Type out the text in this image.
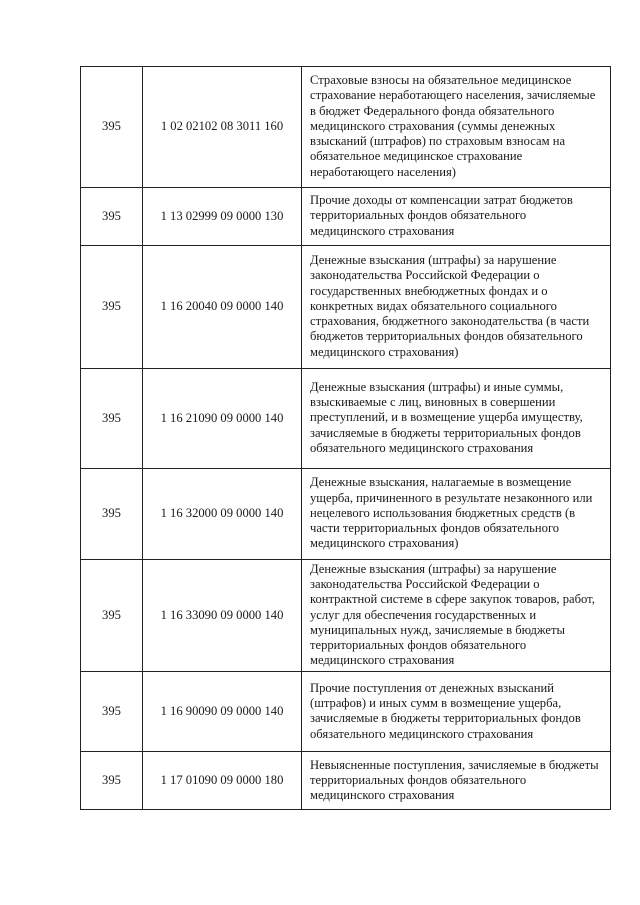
395	1 02 02102 08 3011 160	Страховые взносы на обязательное медицинское страхование неработающего населения, зачисляемые в бюджет Федерального фонда обязательного медицинского страхования (суммы денежных взысканий (штрафов) по страховым взносам на обязательное медицинское страхование неработающего населения)
395	1 13 02999 09 0000 130	Прочие доходы от компенсации затрат бюджетов территориальных фондов обязательного медицинского страхования
395	1 16 20040 09 0000 140	Денежные взыскания (штрафы) за нарушение законодательства Российской Федерации о государственных внебюджетных фондах и о конкретных видах обязательного социального страхования, бюджетного законодательства (в части бюджетов территориальных фондов обязательного медицинского страхования)
395	1 16 21090 09 0000 140	Денежные взыскания (штрафы) и иные суммы, взыскиваемые с лиц, виновных в совершении преступлений, и в возмещение ущерба имуществу, зачисляемые в бюджеты территориальных фондов обязательного медицинского страхования
395	1 16 32000 09 0000 140	Денежные взыскания, налагаемые в возмещение ущерба, причиненного в результате незаконного или нецелевого использования бюджетных средств (в части территориальных фондов обязательного медицинского страхования)
395	1 16 33090 09 0000 140	Денежные взыскания (штрафы) за нарушение законодательства Российской Федерации о контрактной системе в сфере закупок товаров, работ, услуг для обеспечения государственных и муниципальных нужд, зачисляемые в бюджеты территориальных фондов обязательного медицинского страхования
395	1 16 90090 09 0000 140	Прочие поступления от денежных взысканий (штрафов) и иных сумм в возмещение ущерба, зачисляемые в бюджеты территориальных фондов обязательного медицинского страхования
395	1 17 01090 09 0000 180	Невыясненные поступления, зачисляемые в бюджеты территориальных фондов обязательного медицинского страхования
